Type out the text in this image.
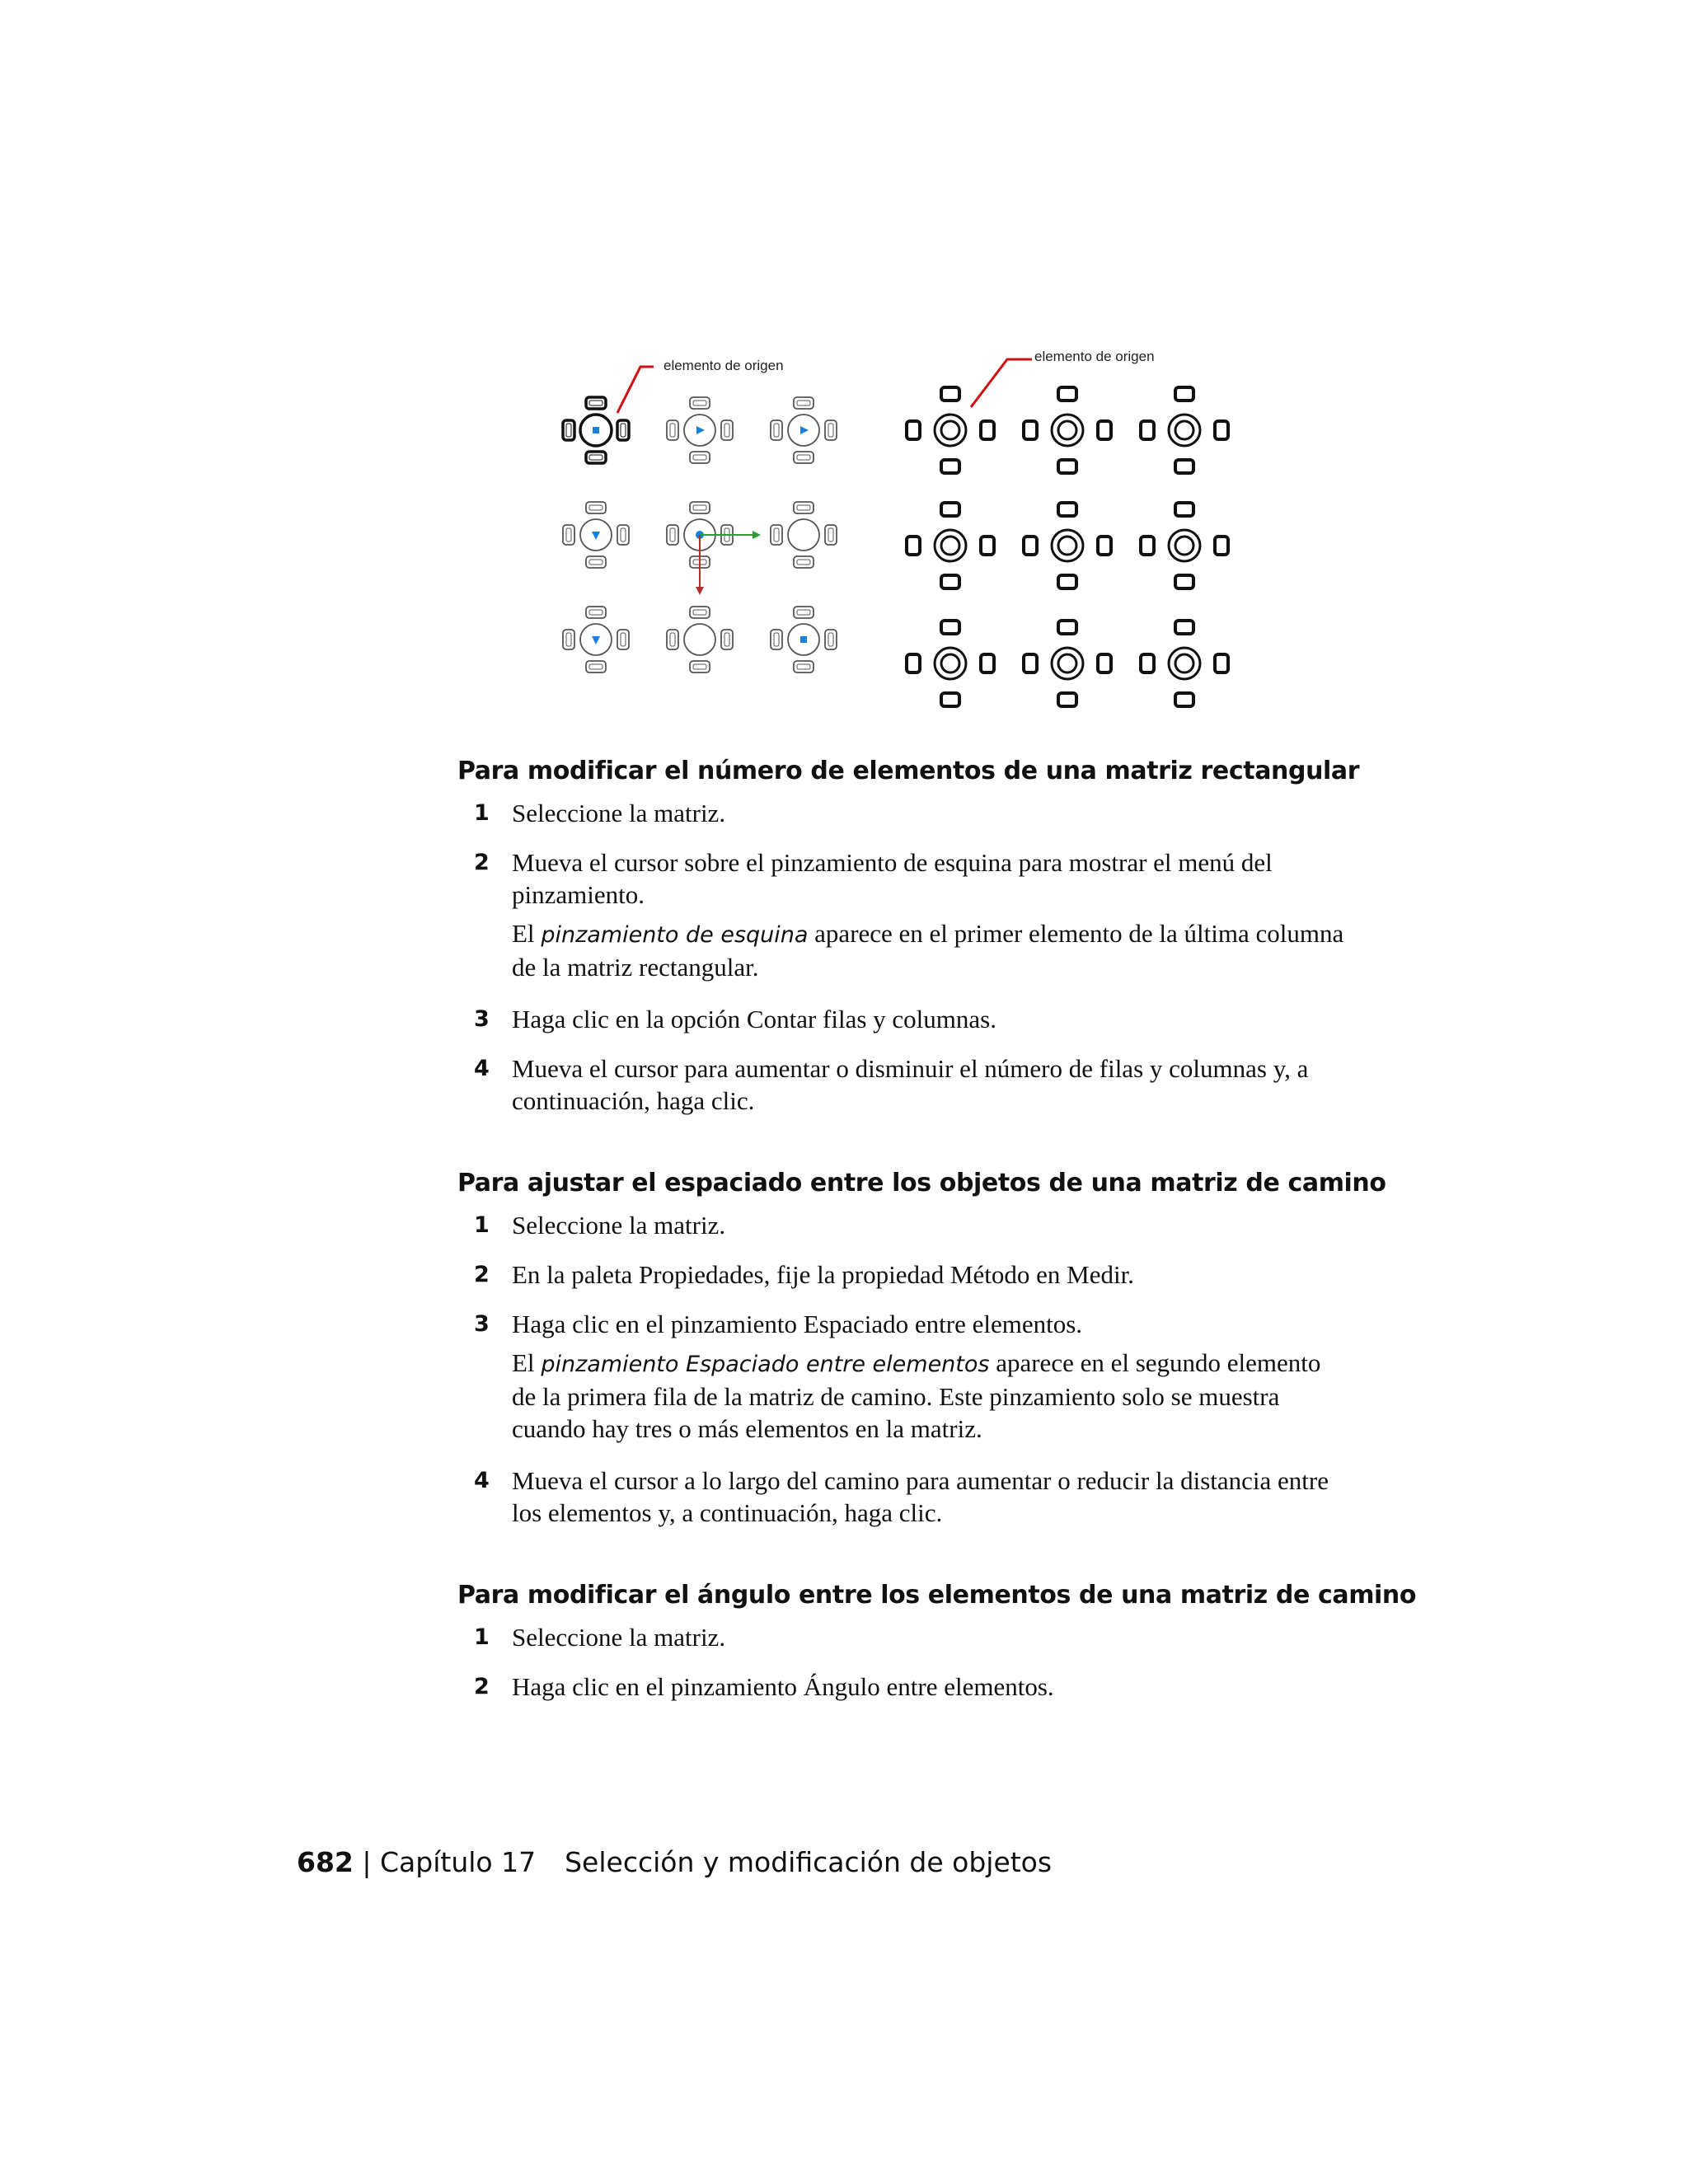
elemento de origen
elemento de origen
Para modificar el número de elementos de una matriz rectangular
1 Seleccione la matriz.
2 Mueva el cursor sobre el pinzamiento de esquina para mostrar el menú del pinzamiento.
El pinzamiento de esquina aparece en el primer elemento de la última columna de la matriz rectangular.
3 Haga clic en la opción Contar filas y columnas.
4 Mueva el cursor para aumentar o disminuir el número de filas y columnas y, a continuación, haga clic.
Para ajustar el espaciado entre los objetos de una matriz de camino
1 Seleccione la matriz.
2 En la paleta Propiedades, fije la propiedad Método en Medir.
3 Haga clic en el pinzamiento Espaciado entre elementos.
El pinzamiento Espaciado entre elementos aparece en el segundo elemento de la primera fila de la matriz de camino. Este pinzamiento solo se muestra cuando hay tres o más elementos en la matriz.
4 Mueva el cursor a lo largo del camino para aumentar o reducir la distancia entre los elementos y, a continuación, haga clic.
Para modificar el ángulo entre los elementos de una matriz de camino
1 Seleccione la matriz.
2 Haga clic en el pinzamiento Ángulo entre elementos.
682 | Capítulo 17 Selección y modificación de objetos
